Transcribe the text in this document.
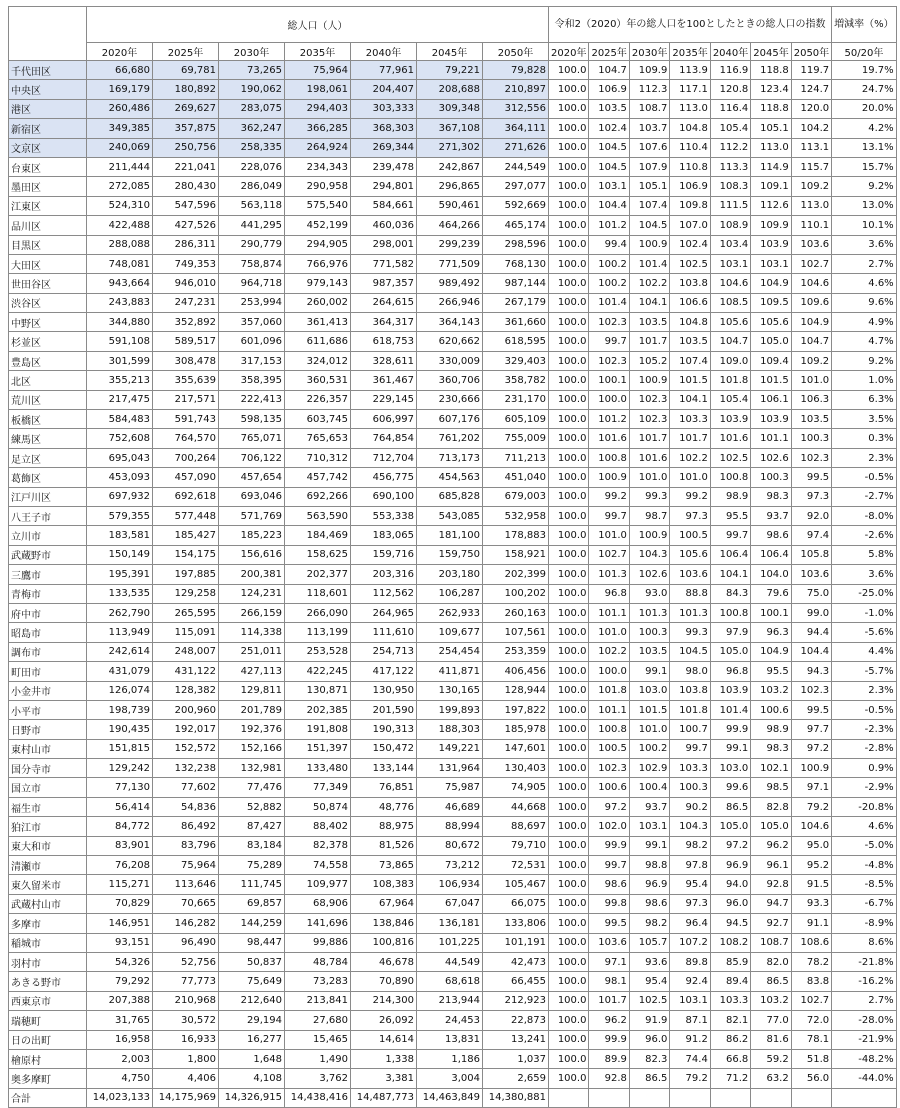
	総人口（人）							令和2（2020）年の総人口を100としたときの総人口の指数							増減率（%）
	2020年	2025年	2030年	2035年	2040年	2045年	2050年	2020年	2025年	2030年	2035年	2040年	2045年	2050年	50/20年
千代田区	66,680	69,781	73,265	75,964	77,961	79,221	79,828	100.0	104.7	109.9	113.9	116.9	118.8	119.7	19.7%
中央区	169,179	180,892	190,062	198,061	204,407	208,688	210,897	100.0	106.9	112.3	117.1	120.8	123.4	124.7	24.7%
港区	260,486	269,627	283,075	294,403	303,333	309,348	312,556	100.0	103.5	108.7	113.0	116.4	118.8	120.0	20.0%
新宿区	349,385	357,875	362,247	366,285	368,303	367,108	364,111	100.0	102.4	103.7	104.8	105.4	105.1	104.2	4.2%
文京区	240,069	250,756	258,335	264,924	269,344	271,302	271,626	100.0	104.5	107.6	110.4	112.2	113.0	113.1	13.1%
台東区	211,444	221,041	228,076	234,343	239,478	242,867	244,549	100.0	104.5	107.9	110.8	113.3	114.9	115.7	15.7%
墨田区	272,085	280,430	286,049	290,958	294,801	296,865	297,077	100.0	103.1	105.1	106.9	108.3	109.1	109.2	9.2%
江東区	524,310	547,596	563,118	575,540	584,661	590,461	592,669	100.0	104.4	107.4	109.8	111.5	112.6	113.0	13.0%
品川区	422,488	427,526	441,295	452,199	460,036	464,266	465,174	100.0	101.2	104.5	107.0	108.9	109.9	110.1	10.1%
目黒区	288,088	286,311	290,779	294,905	298,001	299,239	298,596	100.0	99.4	100.9	102.4	103.4	103.9	103.6	3.6%
大田区	748,081	749,353	758,874	766,976	771,582	771,509	768,130	100.0	100.2	101.4	102.5	103.1	103.1	102.7	2.7%
世田谷区	943,664	946,010	964,718	979,143	987,357	989,492	987,144	100.0	100.2	102.2	103.8	104.6	104.9	104.6	4.6%
渋谷区	243,883	247,231	253,994	260,002	264,615	266,946	267,179	100.0	101.4	104.1	106.6	108.5	109.5	109.6	9.6%
中野区	344,880	352,892	357,060	361,413	364,317	364,143	361,660	100.0	102.3	103.5	104.8	105.6	105.6	104.9	4.9%
杉並区	591,108	589,517	601,096	611,686	618,753	620,662	618,595	100.0	99.7	101.7	103.5	104.7	105.0	104.7	4.7%
豊島区	301,599	308,478	317,153	324,012	328,611	330,009	329,403	100.0	102.3	105.2	107.4	109.0	109.4	109.2	9.2%
北区	355,213	355,639	358,395	360,531	361,467	360,706	358,782	100.0	100.1	100.9	101.5	101.8	101.5	101.0	1.0%
荒川区	217,475	217,571	222,413	226,357	229,145	230,666	231,170	100.0	100.0	102.3	104.1	105.4	106.1	106.3	6.3%
板橋区	584,483	591,743	598,135	603,745	606,997	607,176	605,109	100.0	101.2	102.3	103.3	103.9	103.9	103.5	3.5%
練馬区	752,608	764,570	765,071	765,653	764,854	761,202	755,009	100.0	101.6	101.7	101.7	101.6	101.1	100.3	0.3%
足立区	695,043	700,264	706,122	710,312	712,704	713,173	711,213	100.0	100.8	101.6	102.2	102.5	102.6	102.3	2.3%
葛飾区	453,093	457,090	457,654	457,742	456,775	454,563	451,040	100.0	100.9	101.0	101.0	100.8	100.3	99.5	-0.5%
江戸川区	697,932	692,618	693,046	692,266	690,100	685,828	679,003	100.0	99.2	99.3	99.2	98.9	98.3	97.3	-2.7%
八王子市	579,355	577,448	571,769	563,590	553,338	543,085	532,958	100.0	99.7	98.7	97.3	95.5	93.7	92.0	-8.0%
立川市	183,581	185,427	185,223	184,469	183,065	181,100	178,883	100.0	101.0	100.9	100.5	99.7	98.6	97.4	-2.6%
武蔵野市	150,149	154,175	156,616	158,625	159,716	159,750	158,921	100.0	102.7	104.3	105.6	106.4	106.4	105.8	5.8%
三鷹市	195,391	197,885	200,381	202,377	203,316	203,180	202,399	100.0	101.3	102.6	103.6	104.1	104.0	103.6	3.6%
青梅市	133,535	129,258	124,231	118,601	112,562	106,287	100,202	100.0	96.8	93.0	88.8	84.3	79.6	75.0	-25.0%
府中市	262,790	265,595	266,159	266,090	264,965	262,933	260,163	100.0	101.1	101.3	101.3	100.8	100.1	99.0	-1.0%
昭島市	113,949	115,091	114,338	113,199	111,610	109,677	107,561	100.0	101.0	100.3	99.3	97.9	96.3	94.4	-5.6%
調布市	242,614	248,007	251,011	253,528	254,713	254,454	253,359	100.0	102.2	103.5	104.5	105.0	104.9	104.4	4.4%
町田市	431,079	431,122	427,113	422,245	417,122	411,871	406,456	100.0	100.0	99.1	98.0	96.8	95.5	94.3	-5.7%
小金井市	126,074	128,382	129,811	130,871	130,950	130,165	128,944	100.0	101.8	103.0	103.8	103.9	103.2	102.3	2.3%
小平市	198,739	200,960	201,789	202,385	201,590	199,893	197,822	100.0	101.1	101.5	101.8	101.4	100.6	99.5	-0.5%
日野市	190,435	192,017	192,376	191,808	190,313	188,303	185,978	100.0	100.8	101.0	100.7	99.9	98.9	97.7	-2.3%
東村山市	151,815	152,572	152,166	151,397	150,472	149,221	147,601	100.0	100.5	100.2	99.7	99.1	98.3	97.2	-2.8%
国分寺市	129,242	132,238	132,981	133,480	133,144	131,964	130,403	100.0	102.3	102.9	103.3	103.0	102.1	100.9	0.9%
国立市	77,130	77,602	77,476	77,349	76,851	75,987	74,905	100.0	100.6	100.4	100.3	99.6	98.5	97.1	-2.9%
福生市	56,414	54,836	52,882	50,874	48,776	46,689	44,668	100.0	97.2	93.7	90.2	86.5	82.8	79.2	-20.8%
狛江市	84,772	86,492	87,427	88,402	88,975	88,994	88,697	100.0	102.0	103.1	104.3	105.0	105.0	104.6	4.6%
東大和市	83,901	83,796	83,184	82,378	81,526	80,672	79,710	100.0	99.9	99.1	98.2	97.2	96.2	95.0	-5.0%
清瀬市	76,208	75,964	75,289	74,558	73,865	73,212	72,531	100.0	99.7	98.8	97.8	96.9	96.1	95.2	-4.8%
東久留米市	115,271	113,646	111,745	109,977	108,383	106,934	105,467	100.0	98.6	96.9	95.4	94.0	92.8	91.5	-8.5%
武蔵村山市	70,829	70,665	69,857	68,906	67,964	67,047	66,075	100.0	99.8	98.6	97.3	96.0	94.7	93.3	-6.7%
多摩市	146,951	146,282	144,259	141,696	138,846	136,181	133,806	100.0	99.5	98.2	96.4	94.5	92.7	91.1	-8.9%
稲城市	93,151	96,490	98,447	99,886	100,816	101,225	101,191	100.0	103.6	105.7	107.2	108.2	108.7	108.6	8.6%
羽村市	54,326	52,756	50,837	48,784	46,678	44,549	42,473	100.0	97.1	93.6	89.8	85.9	82.0	78.2	-21.8%
あきる野市	79,292	77,773	75,649	73,283	70,890	68,618	66,455	100.0	98.1	95.4	92.4	89.4	86.5	83.8	-16.2%
西東京市	207,388	210,968	212,640	213,841	214,300	213,944	212,923	100.0	101.7	102.5	103.1	103.3	103.2	102.7	2.7%
瑞穂町	31,765	30,572	29,194	27,680	26,092	24,453	22,873	100.0	96.2	91.9	87.1	82.1	77.0	72.0	-28.0%
日の出町	16,958	16,933	16,277	15,465	14,614	13,831	13,241	100.0	99.9	96.0	91.2	86.2	81.6	78.1	-21.9%
檜原村	2,003	1,800	1,648	1,490	1,338	1,186	1,037	100.0	89.9	82.3	74.4	66.8	59.2	51.8	-48.2%
奥多摩町	4,750	4,406	4,108	3,762	3,381	3,004	2,659	100.0	92.8	86.5	79.2	71.2	63.2	56.0	-44.0%
合計	14,023,133	14,175,969	14,326,915	14,438,416	14,487,773	14,463,849	14,380,881								
